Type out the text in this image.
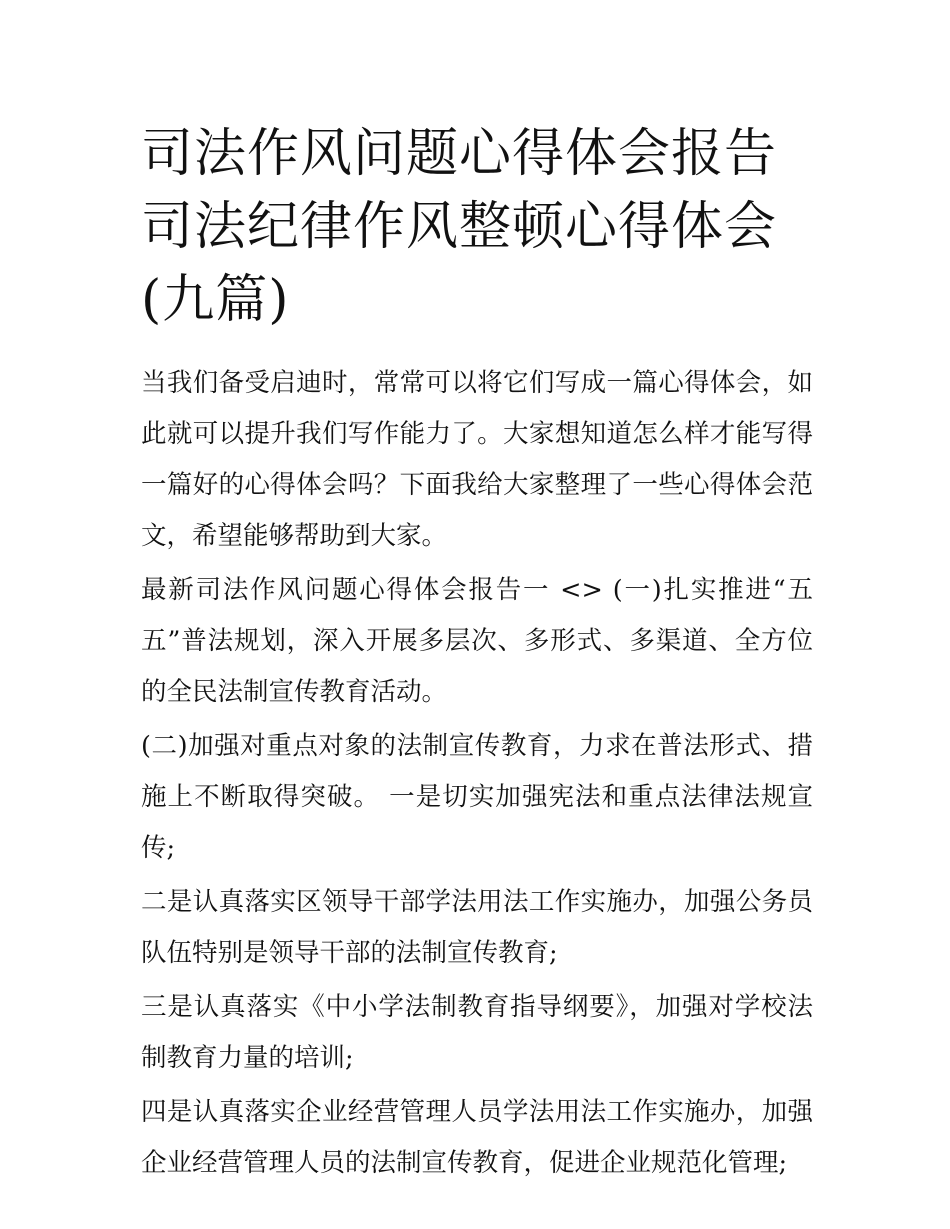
司法作风问题心得体会报告 司法纪律作风整顿心得体会(九篇)

当我们备受启迪时，常常可以将它们写成一篇心得体会，如此就可以提升我们写作能力了。大家想知道怎么样才能写得一篇好的心得体会吗？下面我给大家整理了一些心得体会范文，希望能够帮助到大家。

最新司法作风问题心得体会报告一 <> (一)扎实推进“五五”普法规划，深入开展多层次、多形式、多渠道、全方位的全民法制宣传教育活动。

(二)加强对重点对象的法制宣传教育，力求在普法形式、措施上不断取得突破。 一是切实加强宪法和重点法律法规宣传;

二是认真落实区领导干部学法用法工作实施办，加强公务员队伍特别是领导干部的法制宣传教育;

三是认真落实《中小学法制教育指导纲要》，加强对学校法制教育力量的培训;

四是认真落实企业经营管理人员学法用法工作实施办，加强企业经营管理人员的法制宣传教育，促进企业规范化管理;
